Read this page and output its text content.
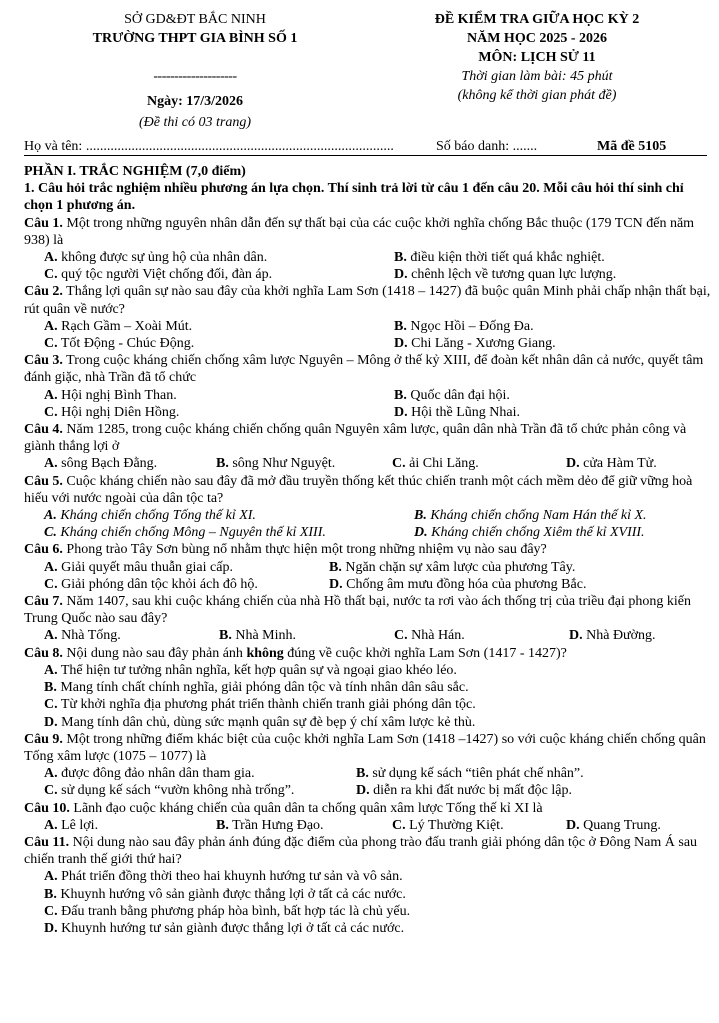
SỞ GD&ĐT BẮC NINH
TRƯỜNG THPT GIA BÌNH SỐ 1
--------------------
Ngày: 17/3/2026
(Đề thi có 03 trang)
ĐỀ KIỂM TRA GIỮA HỌC KỲ 2
NĂM HỌC 2025 - 2026
MÔN: LỊCH SỬ 11
Thời gian làm bài: 45 phút
(không kể thời gian phát đề)
Họ và tên: ........................................................................................	Số báo danh: .......	Mã đề 5105

PHẦN I. TRẮC NGHIỆM (7,0 điểm)

1. Câu hỏi trắc nghiệm nhiều phương án lựa chọn. Thí sinh trả lời từ câu 1 đến câu 20. Mỗi câu hỏi thí sinh chỉ chọn 1 phương án.

Câu 1. Một trong những nguyên nhân dẫn đến sự thất bại của các cuộc khởi nghĩa chống Bắc thuộc (179 TCN đến năm 938) là

A. không được sự ủng hộ của nhân dân.	B. điều kiện thời tiết quá khắc nghiệt.
C. quý tộc người Việt chống đối, đàn áp.	D. chênh lệch về tương quan lực lượng.

Câu 2. Thắng lợi quân sự nào sau đây của khởi nghĩa Lam Sơn (1418 – 1427) đã buộc quân Minh phải chấp nhận thất bại, rút quân về nước?

A. Rạch Gầm – Xoài Mút.	B. Ngọc Hồi – Đống Đa.
C. Tốt Động - Chúc Động.	D. Chi Lăng - Xương Giang.

Câu 3. Trong cuộc kháng chiến chống xâm lược Nguyên – Mông ở thế kỷ XIII, để đoàn kết nhân dân cả nước, quyết tâm đánh giặc, nhà Trần đã tổ chức

A. Hội nghị Bình Than.	B. Quốc dân đại hội.
C. Hội nghị Diên Hồng.	D. Hội thề Lũng Nhai.

Câu 4. Năm 1285, trong cuộc kháng chiến chống quân Nguyên xâm lược, quân dân nhà Trần đã tổ chức phản công và giành thắng lợi ở

A. sông Bạch Đằng.	B. sông Như Nguyệt.	C. ải Chi Lăng.	D. cửa Hàm Tử.

Câu 5. Cuộc kháng chiến nào sau đây đã mở đầu truyền thống kết thúc chiến tranh một cách mềm dẻo để giữ vững hoà hiếu với nước ngoài của dân tộc ta?

A. Kháng chiến chống Tống thế kỉ XI.	B. Kháng chiến chống Nam Hán thế kỉ X.
C. Kháng chiến chống Mông – Nguyên thế kỉ XIII.	D. Kháng chiến chống Xiêm thế kỉ XVIII.

Câu 6. Phong trào Tây Sơn bùng nổ nhằm thực hiện một trong những nhiệm vụ nào sau đây?

A. Giải quyết mâu thuẫn giai cấp.	B. Ngăn chặn sự xâm lược của phương Tây.
C. Giải phóng dân tộc khỏi ách đô hộ.	D. Chống âm mưu đồng hóa của phương Bắc.

Câu 7. Năm 1407, sau khi cuộc kháng chiến của nhà Hồ thất bại, nước ta rơi vào ách thống trị của triều đại phong kiến Trung Quốc nào sau đây?

A. Nhà Tống.	B. Nhà Minh.	C. Nhà Hán.	D. Nhà Đường.

Câu 8. Nội dung nào sau đây phản ánh không đúng về cuộc khởi nghĩa Lam Sơn (1417 - 1427)?

A. Thể hiện tư tưởng nhân nghĩa, kết hợp quân sự và ngoại giao khéo léo.
B. Mang tính chất chính nghĩa, giải phóng dân tộc và tính nhân dân sâu sắc.
C. Từ khởi nghĩa địa phương phát triển thành chiến tranh giải phóng dân tộc.
D. Mang tính dân chủ, dùng sức mạnh quân sự đè bẹp ý chí xâm lược kẻ thù.

Câu 9. Một trong những điểm khác biệt của cuộc khởi nghĩa Lam Sơn (1418 –1427) so với cuộc kháng chiến chống quân Tống xâm lược (1075 – 1077) là

A. được đông đảo nhân dân tham gia.	B. sử dụng kế sách “tiên phát chế nhân”.
C. sử dụng kế sách “vườn không nhà trống”.	D. diễn ra khi đất nước bị mất độc lập.

Câu 10. Lãnh đạo cuộc kháng chiến của quân dân ta chống quân xâm lược Tống thế kỉ XI là

A. Lê lợi.	B. Trần Hưng Đạo.	C. Lý Thường Kiệt.	D. Quang Trung.

Câu 11. Nội dung nào sau đây phản ánh đúng đặc điểm của phong trào đấu tranh giải phóng dân tộc ở Đông Nam Á sau chiến tranh thế giới thứ hai?

A. Phát triển đồng thời theo hai khuynh hướng tư sản và vô sản.
B. Khuynh hướng vô sản giành được thắng lợi ở tất cả các nước.
C. Đấu tranh bằng phương pháp hòa bình, bất hợp tác là chủ yếu.
D. Khuynh hướng tư sản giành được thắng lợi ở tất cả các nước.
